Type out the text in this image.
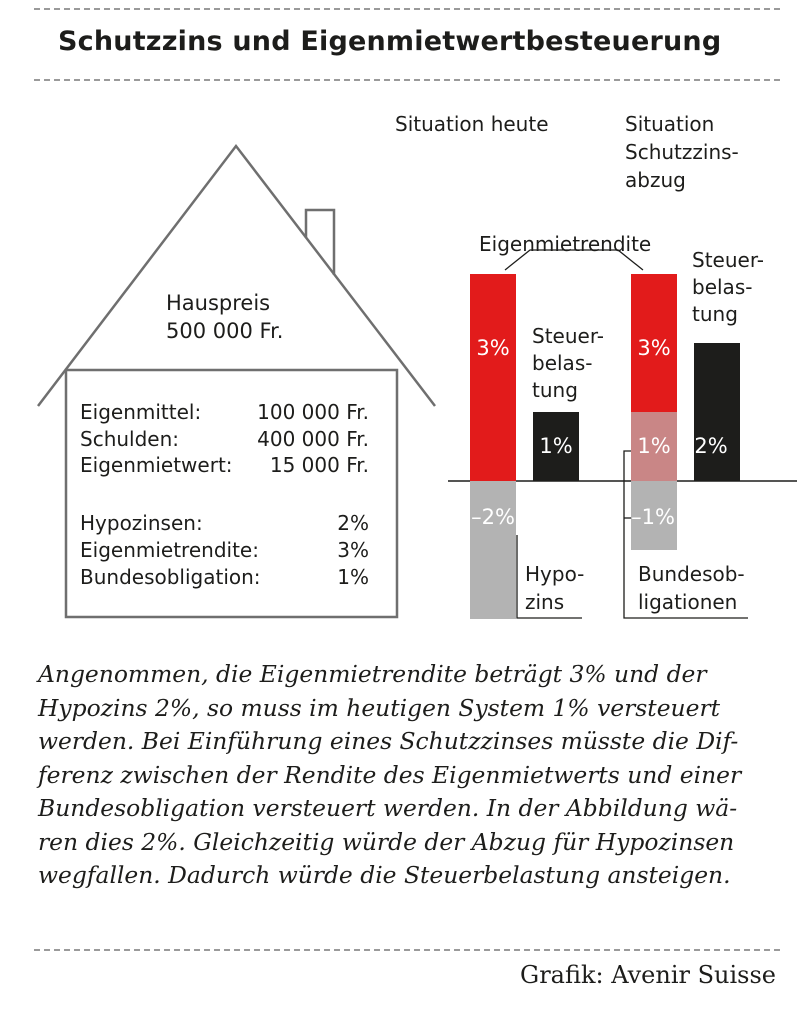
Schutzzins und Eigenmietwertbesteuerung
Hauspreis
500 000 Fr.
Eigenmittel:	100 000 Fr.
Schulden:	400 000 Fr.
Eigenmietwert: 15 000 Fr.
Hypozinsen:	2%
Eigenmietrendite:	3%
Bundesobligation:	1%
Situation heute
3%
–2%
1%
Steuer-
belas-
tung
Hypo-
zins
Situation
Schutzzins-
abzug
3%
–1%
1% 2%
Steuer-
belas-
tung
Bundesob-
ligationen
Eigenmietrendite
Angenommen, die Eigenmietrendite beträgt 3% und der
Hypozins 2%, so muss im heutigen System 1% versteuert
werden. Bei Einführung eines Schutzzinses müsste die Dif-
ferenz zwischen der Rendite des Eigenmietwerts und einer
Bundesobligation versteuert werden. In der Abbildung wä-
ren dies 2%. Gleichzeitig würde der Abzug für Hypozinsen
wegfallen. Dadurch würde die Steuerbelastung ansteigen.
Grafik: Avenir Suisse
